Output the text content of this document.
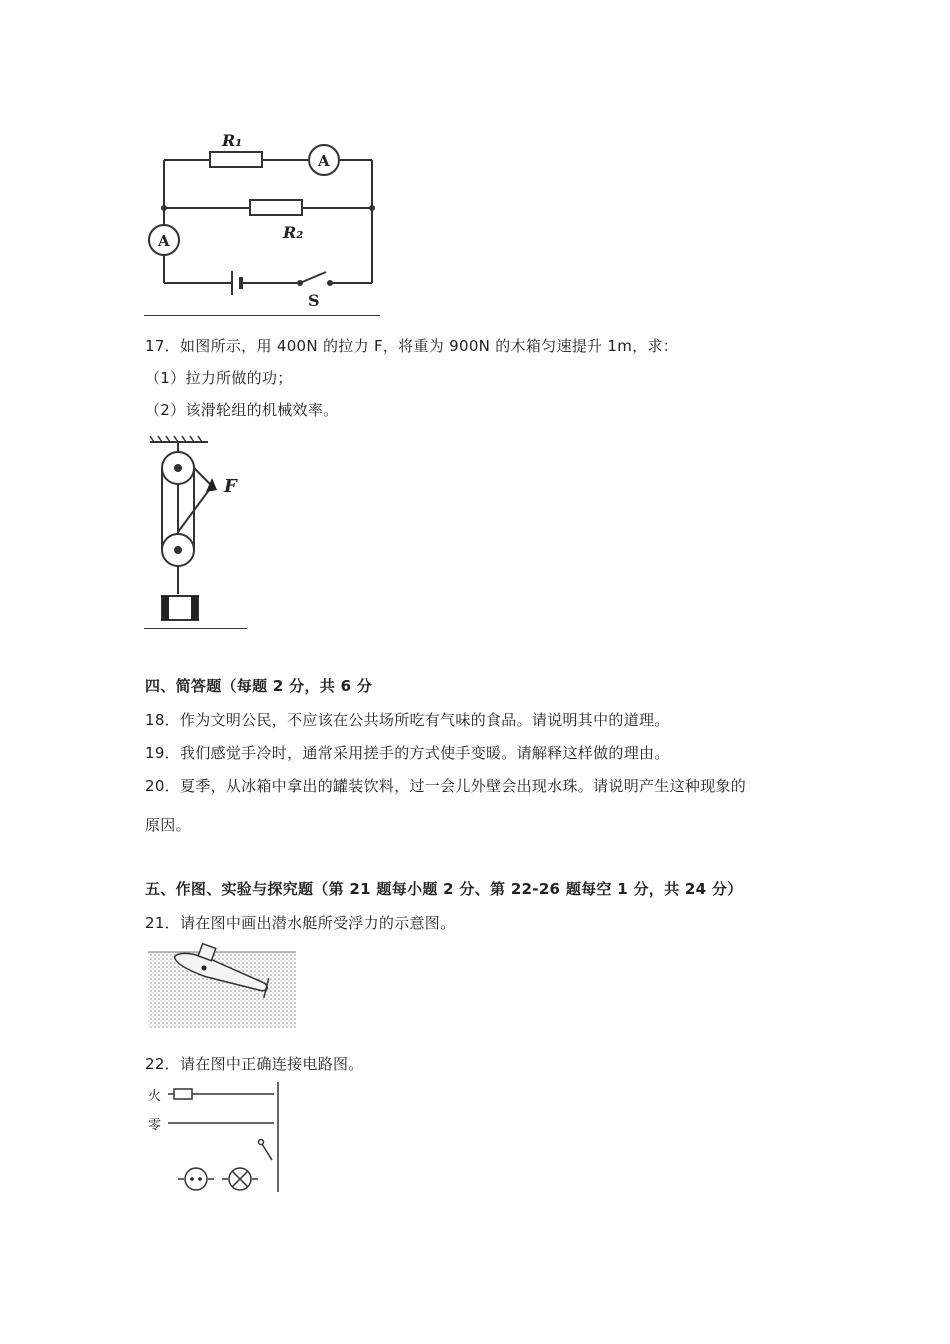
R₁
R₂
A
A
S
17．如图所示，用 400N 的拉力 F，将重为 900N 的木箱匀速提升 1m，求：
（1）拉力所做的功；
（2）该滑轮组的机械效率。
F
四、简答题（每题 2 分，共 6 分
18．作为文明公民，不应该在公共场所吃有气味的食品。请说明其中的道理。
19．我们感觉手冷时，通常采用搓手的方式使手变暖。请解释这样做的理由。
20．夏季，从冰箱中拿出的罐装饮料，过一会儿外壁会出现水珠。请说明产生这种现象的
原因。
五、作图、实验与探究题（第 21 题每小题 2 分、第 22-26 题每空 1 分，共 24 分）
21．请在图中画出潜水艇所受浮力的示意图。
22．请在图中正确连接电路图。
火
零
